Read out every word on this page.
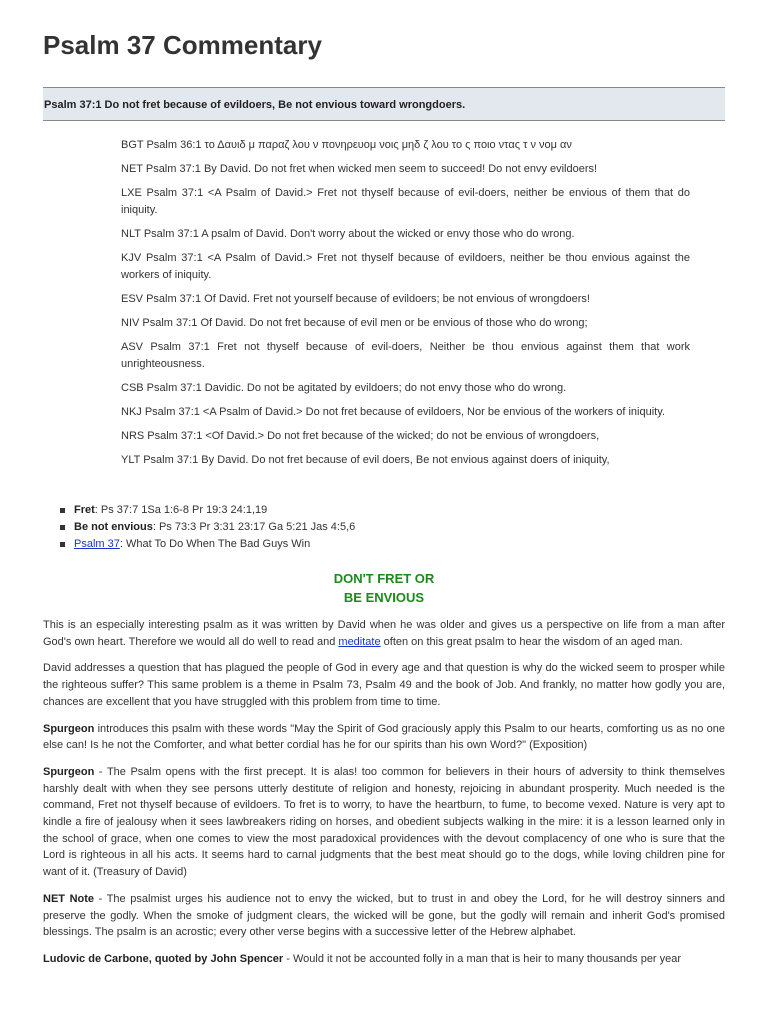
Psalm 37 Commentary
Psalm 37:1 Do not fret because of evildoers, Be not envious toward wrongdoers.

BGT Psalm 36:1 το Δαυιδ μ παραζ λου ν πονηρευομ νοις μηδ ζ λου το ς ποιο ντας τ ν νομ αν

NET Psalm 37:1 By David. Do not fret when wicked men seem to succeed! Do not envy evildoers!

LXE Psalm 37:1 <A Psalm of David.> Fret not thyself because of evil-doers, neither be envious of them that do iniquity.

NLT Psalm 37:1 A psalm of David. Don't worry about the wicked or envy those who do wrong.

KJV Psalm 37:1 <A Psalm of David.> Fret not thyself because of evildoers, neither be thou envious against the workers of iniquity.

ESV Psalm 37:1 Of David. Fret not yourself because of evildoers; be not envious of wrongdoers!

NIV Psalm 37:1 Of David. Do not fret because of evil men or be envious of those who do wrong;

ASV Psalm 37:1 Fret not thyself because of evil-doers, Neither be thou envious against them that work unrighteousness.

CSB Psalm 37:1 Davidic. Do not be agitated by evildoers; do not envy those who do wrong.

NKJ Psalm 37:1 <A Psalm of David.> Do not fret because of evildoers, Nor be envious of the workers of iniquity.

NRS Psalm 37:1 <Of David.> Do not fret because of the wicked; do not be envious of wrongdoers,

YLT Psalm 37:1 By David. Do not fret because of evil doers, Be not envious against doers of iniquity,

Fret: Ps 37:7 1Sa 1:6-8 Pr 19:3 24:1,19
Be not envious: Ps 73:3 Pr 3:31 23:17 Ga 5:21 Jas 4:5,6
Psalm 37: What To Do When The Bad Guys Win
DON'T FRET OR
BE ENVIOUS

This is an especially interesting psalm as it was written by David when he was older and gives us a perspective on life from a man after God's own heart. Therefore we would all do well to read and meditate often on this great psalm to hear the wisdom of an aged man.

David addresses a question that has plagued the people of God in every age and that question is why do the wicked seem to prosper while the righteous suffer? This same problem is a theme in Psalm 73, Psalm 49 and the book of Job. And frankly, no matter how godly you are, chances are excellent that you have struggled with this problem from time to time.

Spurgeon introduces this psalm with these words "May the Spirit of God graciously apply this Psalm to our hearts, comforting us as no one else can! Is he not the Comforter, and what better cordial has he for our spirits than his own Word?" (Exposition)

Spurgeon - The Psalm opens with the first precept. It is alas! too common for believers in their hours of adversity to think themselves harshly dealt with when they see persons utterly destitute of religion and honesty, rejoicing in abundant prosperity. Much needed is the command, Fret not thyself because of evildoers. To fret is to worry, to have the heartburn, to fume, to become vexed. Nature is very apt to kindle a fire of jealousy when it sees lawbreakers riding on horses, and obedient subjects walking in the mire: it is a lesson learned only in the school of grace, when one comes to view the most paradoxical providences with the devout complacency of one who is sure that the Lord is righteous in all his acts. It seems hard to carnal judgments that the best meat should go to the dogs, while loving children pine for want of it. (Treasury of David)

NET Note - The psalmist urges his audience not to envy the wicked, but to trust in and obey the Lord, for he will destroy sinners and preserve the godly. When the smoke of judgment clears, the wicked will be gone, but the godly will remain and inherit God's promised blessings. The psalm is an acrostic; every other verse begins with a successive letter of the Hebrew alphabet.

Ludovic de Carbone, quoted by John Spencer - Would it not be accounted folly in a man that is heir to many thousands per year
